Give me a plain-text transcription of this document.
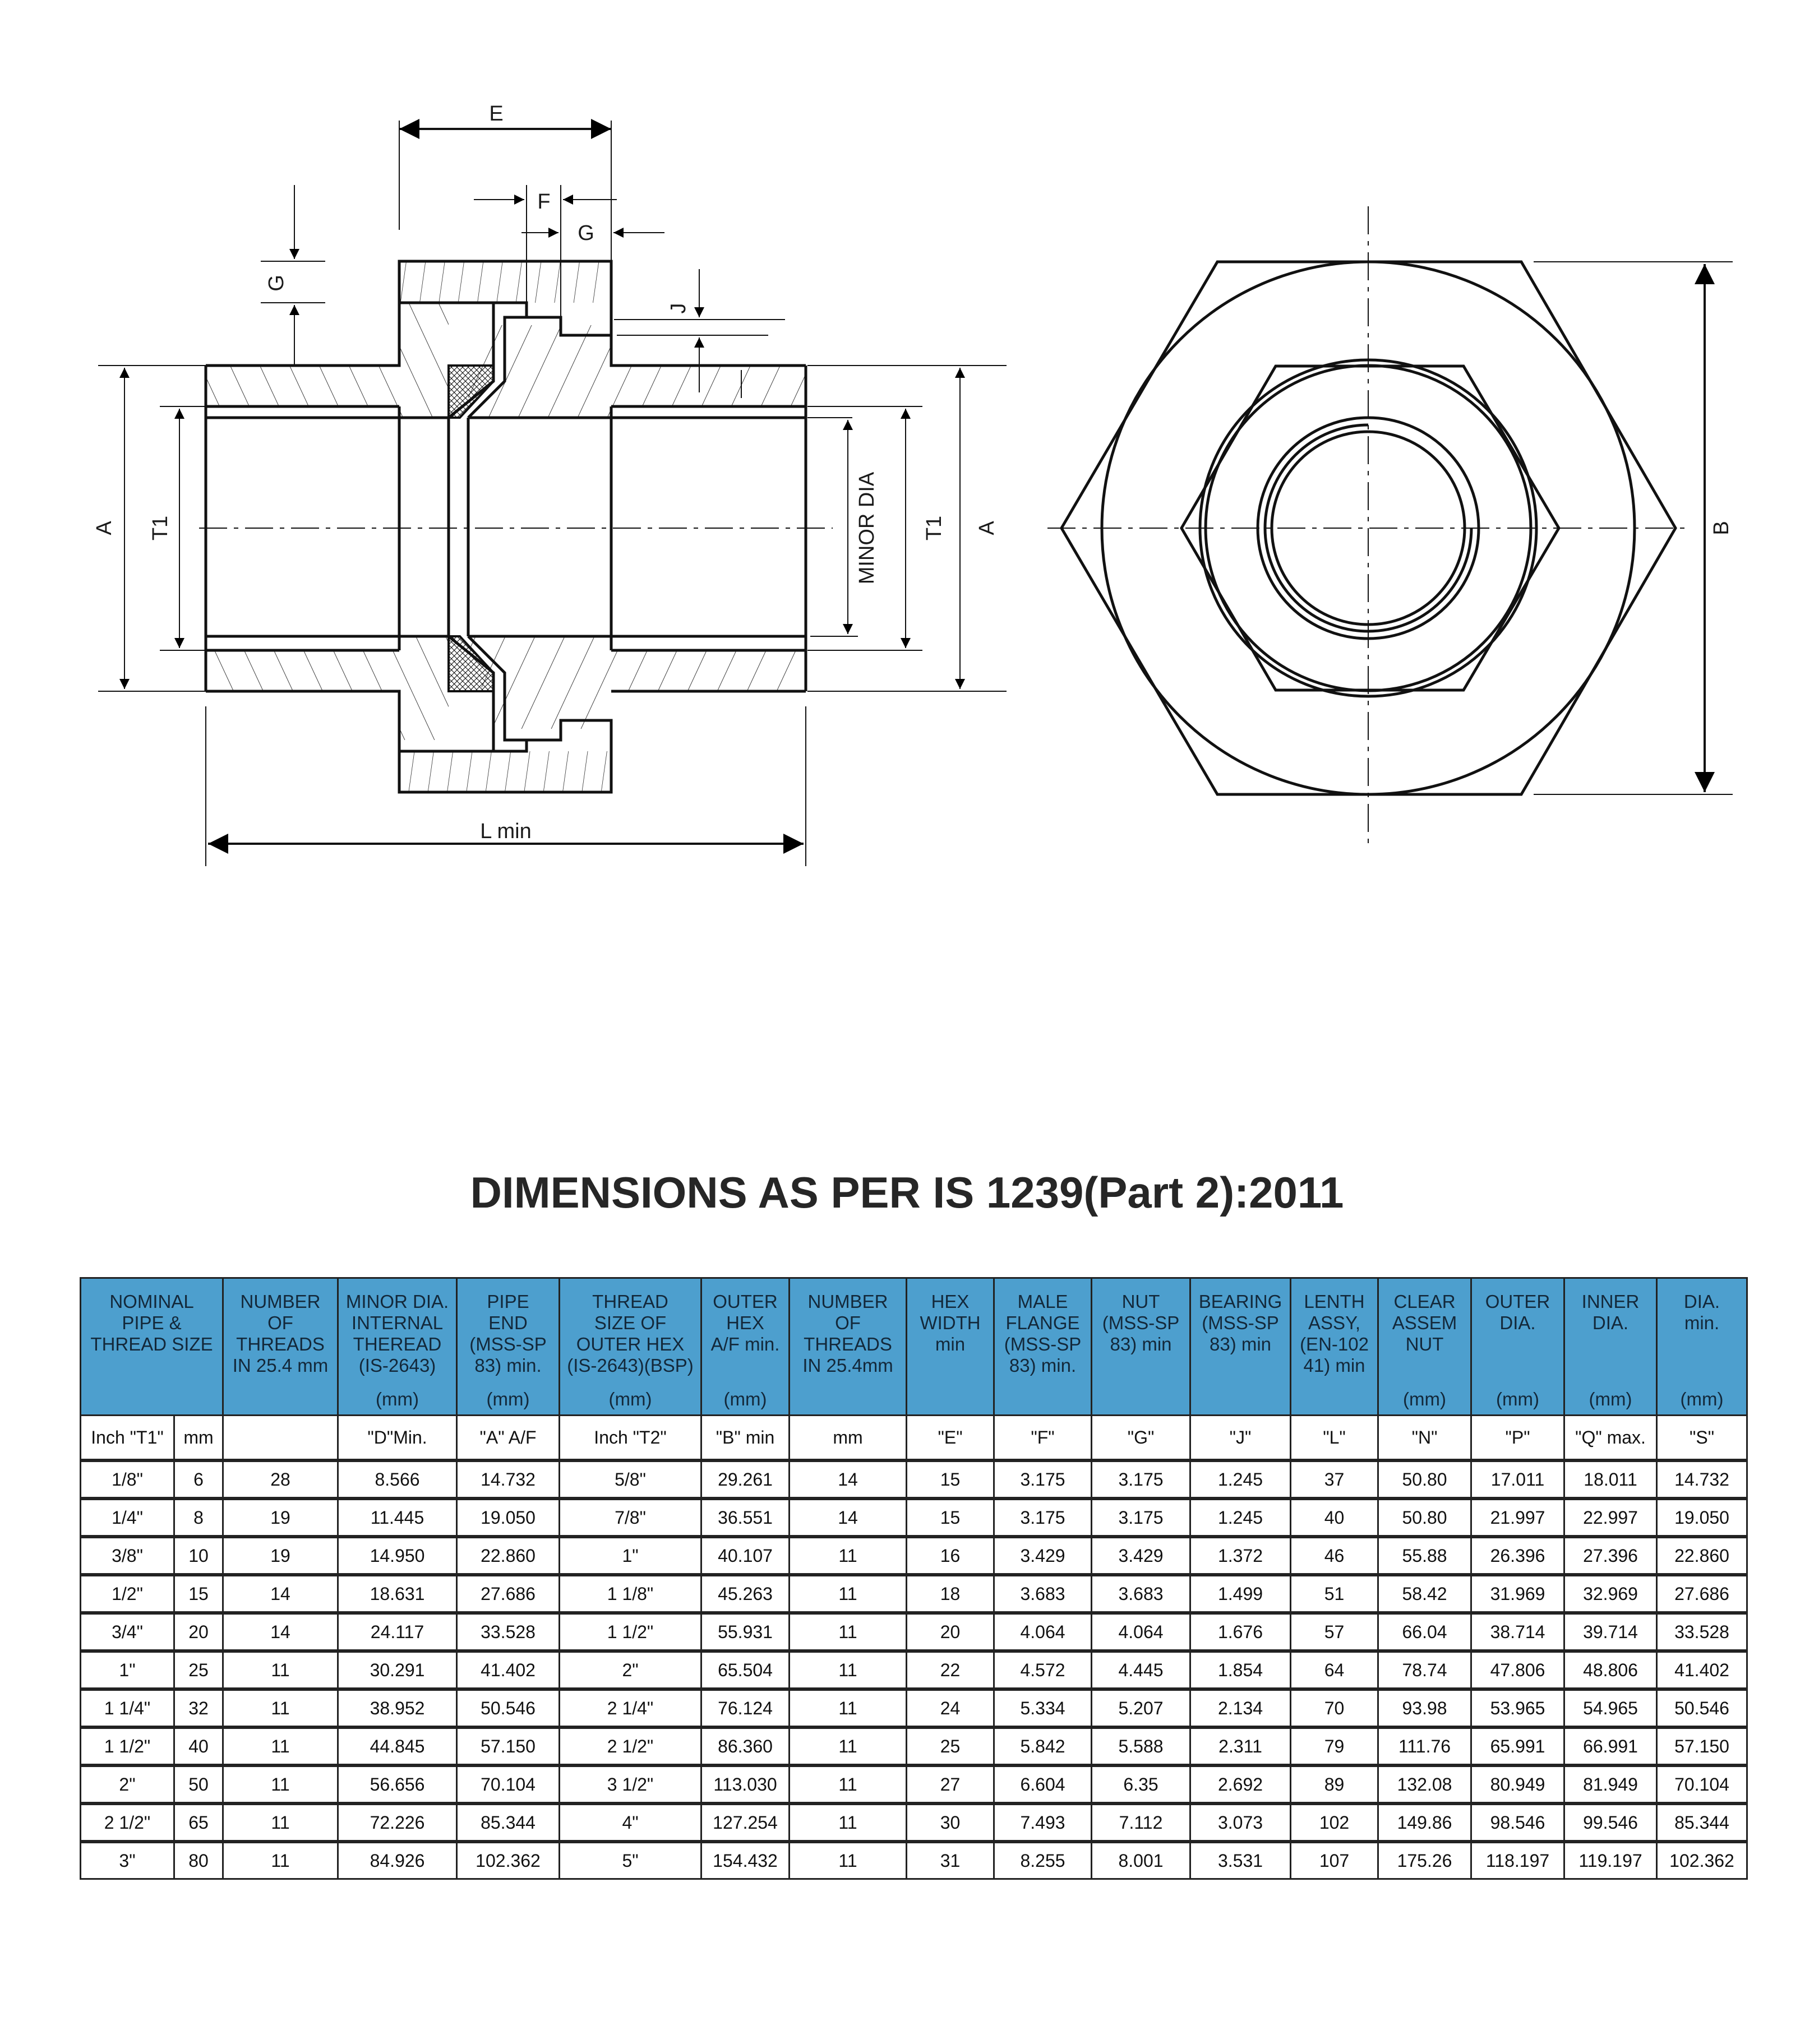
E
F
G
G
J
A T1	MINOR DIA T1 A
L min
B
DIMENSIONS AS PER IS 1239(Part 2):2011
NOMINAL
PIPE &
THREAD SIZE		NUMBER
OF
THREADS
IN 25.4 mm	MINOR DIA.
INTERNAL
THEREAD
(IS-2643)
(mm)	PIPE
END
(MSS-SP
83) min.
(mm)	THREAD
SIZE OF
OUTER HEX
(IS-2643)(BSP)
(mm)	OUTER
HEX
A/F min.
(mm)	NUMBER
OF
THREADS
IN 25.4mm	HEX
WIDTH
min	MALE
FLANGE
(MSS-SP
83) min.	NUT
(MSS-SP
83) min	BEARING
(MSS-SP
83) min	LENTH
ASSY,
(EN-102
41) min	CLEAR
ASSEM
NUT
(mm)	OUTER
DIA.
(mm)	INNER
DIA.
(mm)	DIA.
min.
(mm)

Inch "T1"	mm		"D"Min.	"A" A/F	Inch "T2"	"B" min	mm	"E"	"F"	"G"	"J"	"L"	"N"	"P"	"Q" max.	"S"
1/8"	6	28	8.566	14.732	5/8"	29.261	14	15	3.175	3.175	1.245	37	50.80	17.011	18.011	14.732
1/4"	8	19	11.445	19.050	7/8"	36.551	14	15	3.175	3.175	1.245	40	50.80	21.997	22.997	19.050
3/8"	10	19	14.950	22.860	1"	40.107	11	16	3.429	3.429	1.372	46	55.88	26.396	27.396	22.860
1/2"	15	14	18.631	27.686	1 1/8"	45.263	11	18	3.683	3.683	1.499	51	58.42	31.969	32.969	27.686
3/4"	20	14	24.117	33.528	1 1/2"	55.931	11	20	4.064	4.064	1.676	57	66.04	38.714	39.714	33.528
1"	25	11	30.291	41.402	2"	65.504	11	22	4.572	4.445	1.854	64	78.74	47.806	48.806	41.402
1 1/4"	32	11	38.952	50.546	2 1/4"	76.124	11	24	5.334	5.207	2.134	70	93.98	53.965	54.965	50.546
1 1/2"	40	11	44.845	57.150	2 1/2"	86.360	11	25	5.842	5.588	2.311	79	111.76	65.991	66.991	57.150
2"	50	11	56.656	70.104	3 1/2"	113.030	11	27	6.604	6.35	2.692	89	132.08	80.949	81.949	70.104
2 1/2"	65	11	72.226	85.344	4"	127.254	11	30	7.493	7.112	3.073	102	149.86	98.546	99.546	85.344
3"	80	11	84.926	102.362	5"	154.432	11	31	8.255	8.001	3.531	107	175.26	118.197	119.197	102.362
